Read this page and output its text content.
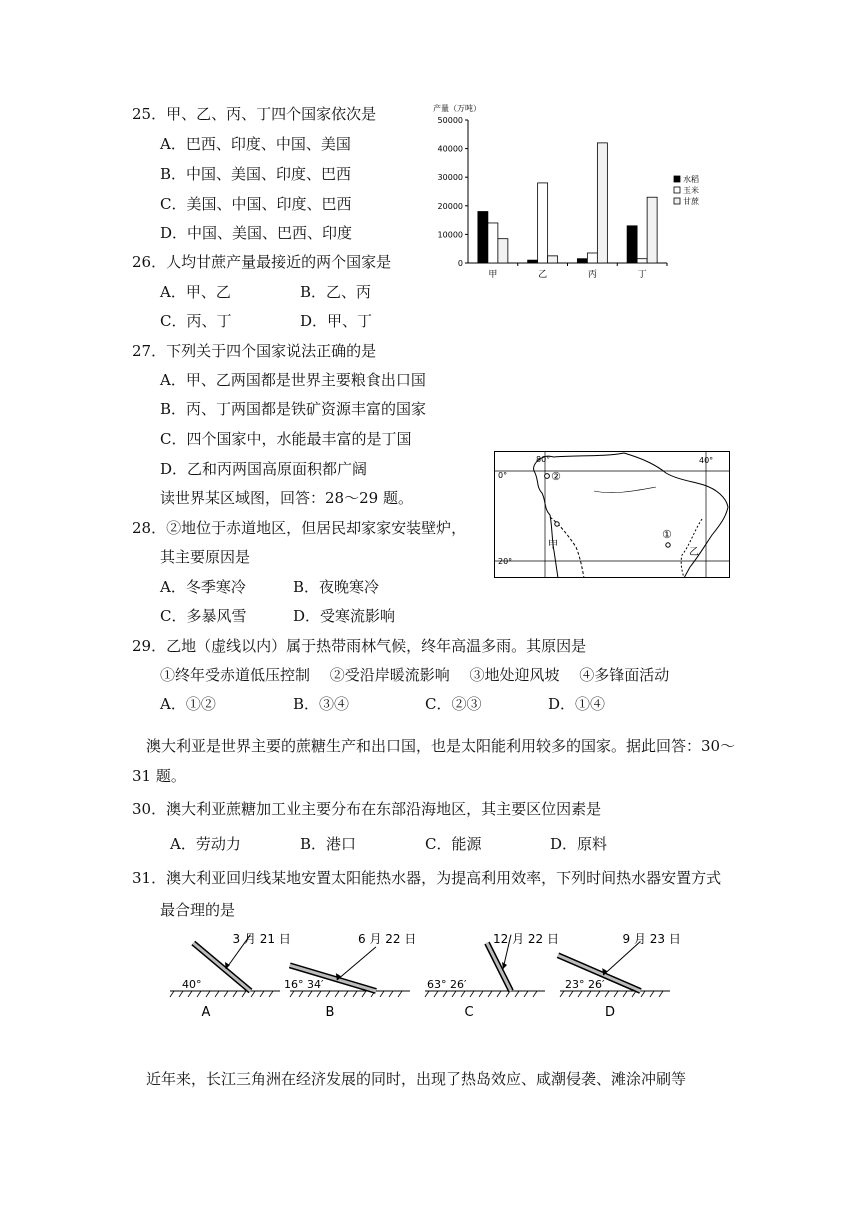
25．甲、乙、丙、丁四个国家依次是
A．巴西、印度、中国、美国
B．中国、美国、印度、巴西
C．美国、中国、印度、巴西
D．中国、美国、巴西、印度
产量（万吨）
0
10000
20000
30000
40000
50000
甲	乙	丙	丁
水稻
玉米
甘蔗
26．人均甘蔗产量最接近的两个国家是
A．甲、乙	B．乙、丙
C．丙、丁	D．甲、丁
27．下列关于四个国家说法正确的是
A．甲、乙两国都是世界主要粮食出口国
B．丙、丁两国都是铁矿资源丰富的国家
C．四个国家中，水能最丰富的是丁国
D．乙和丙两国高原面积都广阔
80°	40°
0°
20°
②
①
甲
乙
读世界某区域图，回答：28～29 题。
28．②地位于赤道地区，但居民却家家安装壁炉，
其主要原因是
A．冬季寒冷	B．夜晚寒冷
C．多暴风雪	D．受寒流影响
29．乙地（虚线以内）属于热带雨林气候，终年高温多雨。其原因是
①终年受赤道低压控制　 ②受沿岸暖流影响　 ③地处迎风坡　 ④多锋面活动
A．①②	B．③④	C．②③	D．①④
澳大利亚是世界主要的蔗糖生产和出口国，也是太阳能利用较多的国家。据此回答：30～
31 题。
30．澳大利亚蔗糖加工业主要分布在东部沿海地区，其主要区位因素是
A．劳动力	B．港口	C．能源	D．原料
31．澳大利亚回归线某地安置太阳能热水器，为提高利用效率，下列时间热水器安置方式
最合理的是
3 月 21 日
40°
A
6 月 22 日
16° 34′
B
12 月 22 日
63° 26′
C
9 月 23 日
23° 26′
D
近年来，长江三角洲在经济发展的同时，出现了热岛效应、咸潮侵袭、滩涂冲刷等
